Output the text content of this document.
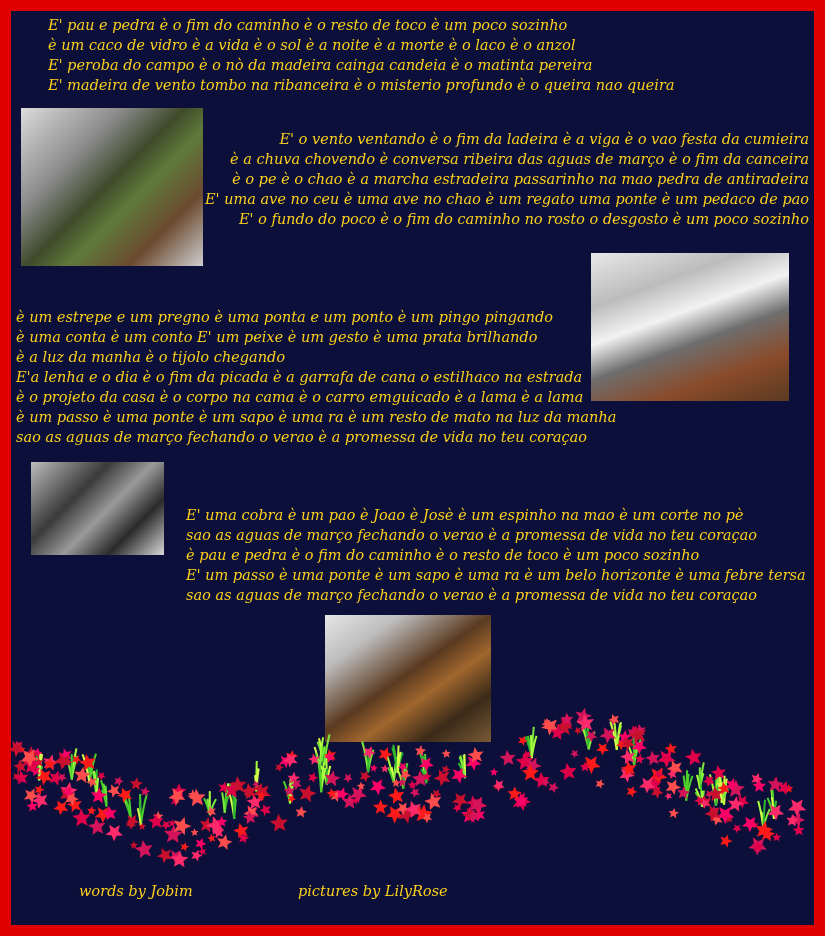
E' pau e pedra è o fim do caminho è o resto de toco è um poco sozinho
è um caco de vidro è a vida è o sol è a noite è a morte è o laco è o anzol
E' peroba do campo è o nò da madeira cainga candeia è o matinta pereira
E' madeira de vento tombo na ribanceira è o misterio profundo è o queira nao queira
E' o vento ventando è o fim da ladeira è a viga è o vao festa da cumieira
è a chuva chovendo è conversa ribeira das aguas de março è o fim da canceira
è o pe è o chao è a marcha estradeira passarinho na mao pedra de antiradeira
E' uma ave no ceu è uma ave no chao è um regato uma ponte è um pedaco de pao
E' o fundo do poco è o fim do caminho no rosto o desgosto è um poco sozinho
è um estrepe e um pregno è uma ponta e um ponto è um pingo pingando
è uma conta è um conto E' um peixe è um gesto è uma prata brilhando
è a luz da manha è o tijolo chegando
E'a lenha e o dia è o fim da picada è a garrafa de cana o estilhaco na estrada
è o projeto da casa è o corpo na cama è o carro emguicado è a lama è a lama
è um passo è uma ponte è um sapo è uma ra è um resto de mato na luz da manha
sao as aguas de março fechando o verao è a promessa de vida no teu coraçao
E' uma cobra è um pao è Joao è Josè è um espinho na mao è um corte no pè
sao as aguas de março fechando o verao è a promessa de vida no teu coraçao
è pau e pedra è o fim do caminho è o resto de toco è um poco sozinho
E' um passo è uma ponte è um sapo è uma ra è um belo horizonte è uma febre tersa
sao as aguas de março fechando o verao è a promessa de vida no teu coraçao
words by Jobim	pictures by LilyRose
